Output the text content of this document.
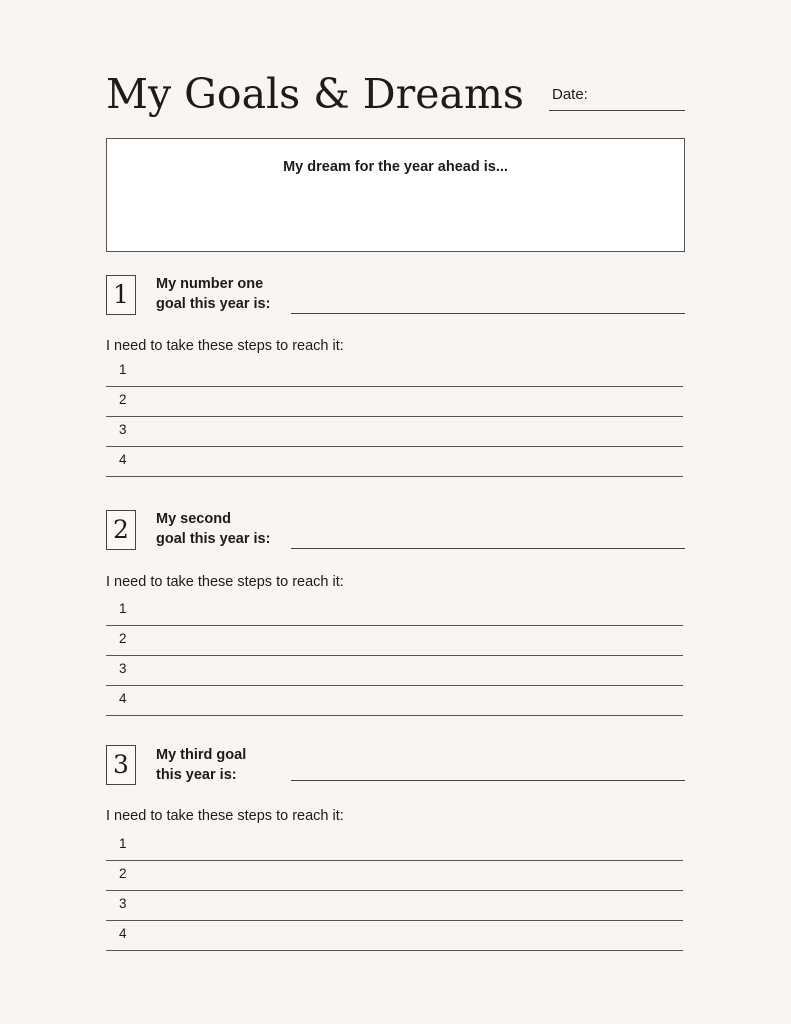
My Goals & Dreams Date:
My dream for the year ahead is...
1	My number one
goal this year is:
I need to take these steps to reach it:
1
2
3
4
2	My second
goal this year is:
I need to take these steps to reach it:
1
2
3
4
3	My third goal
this year is:
I need to take these steps to reach it:
1
2
3
4
